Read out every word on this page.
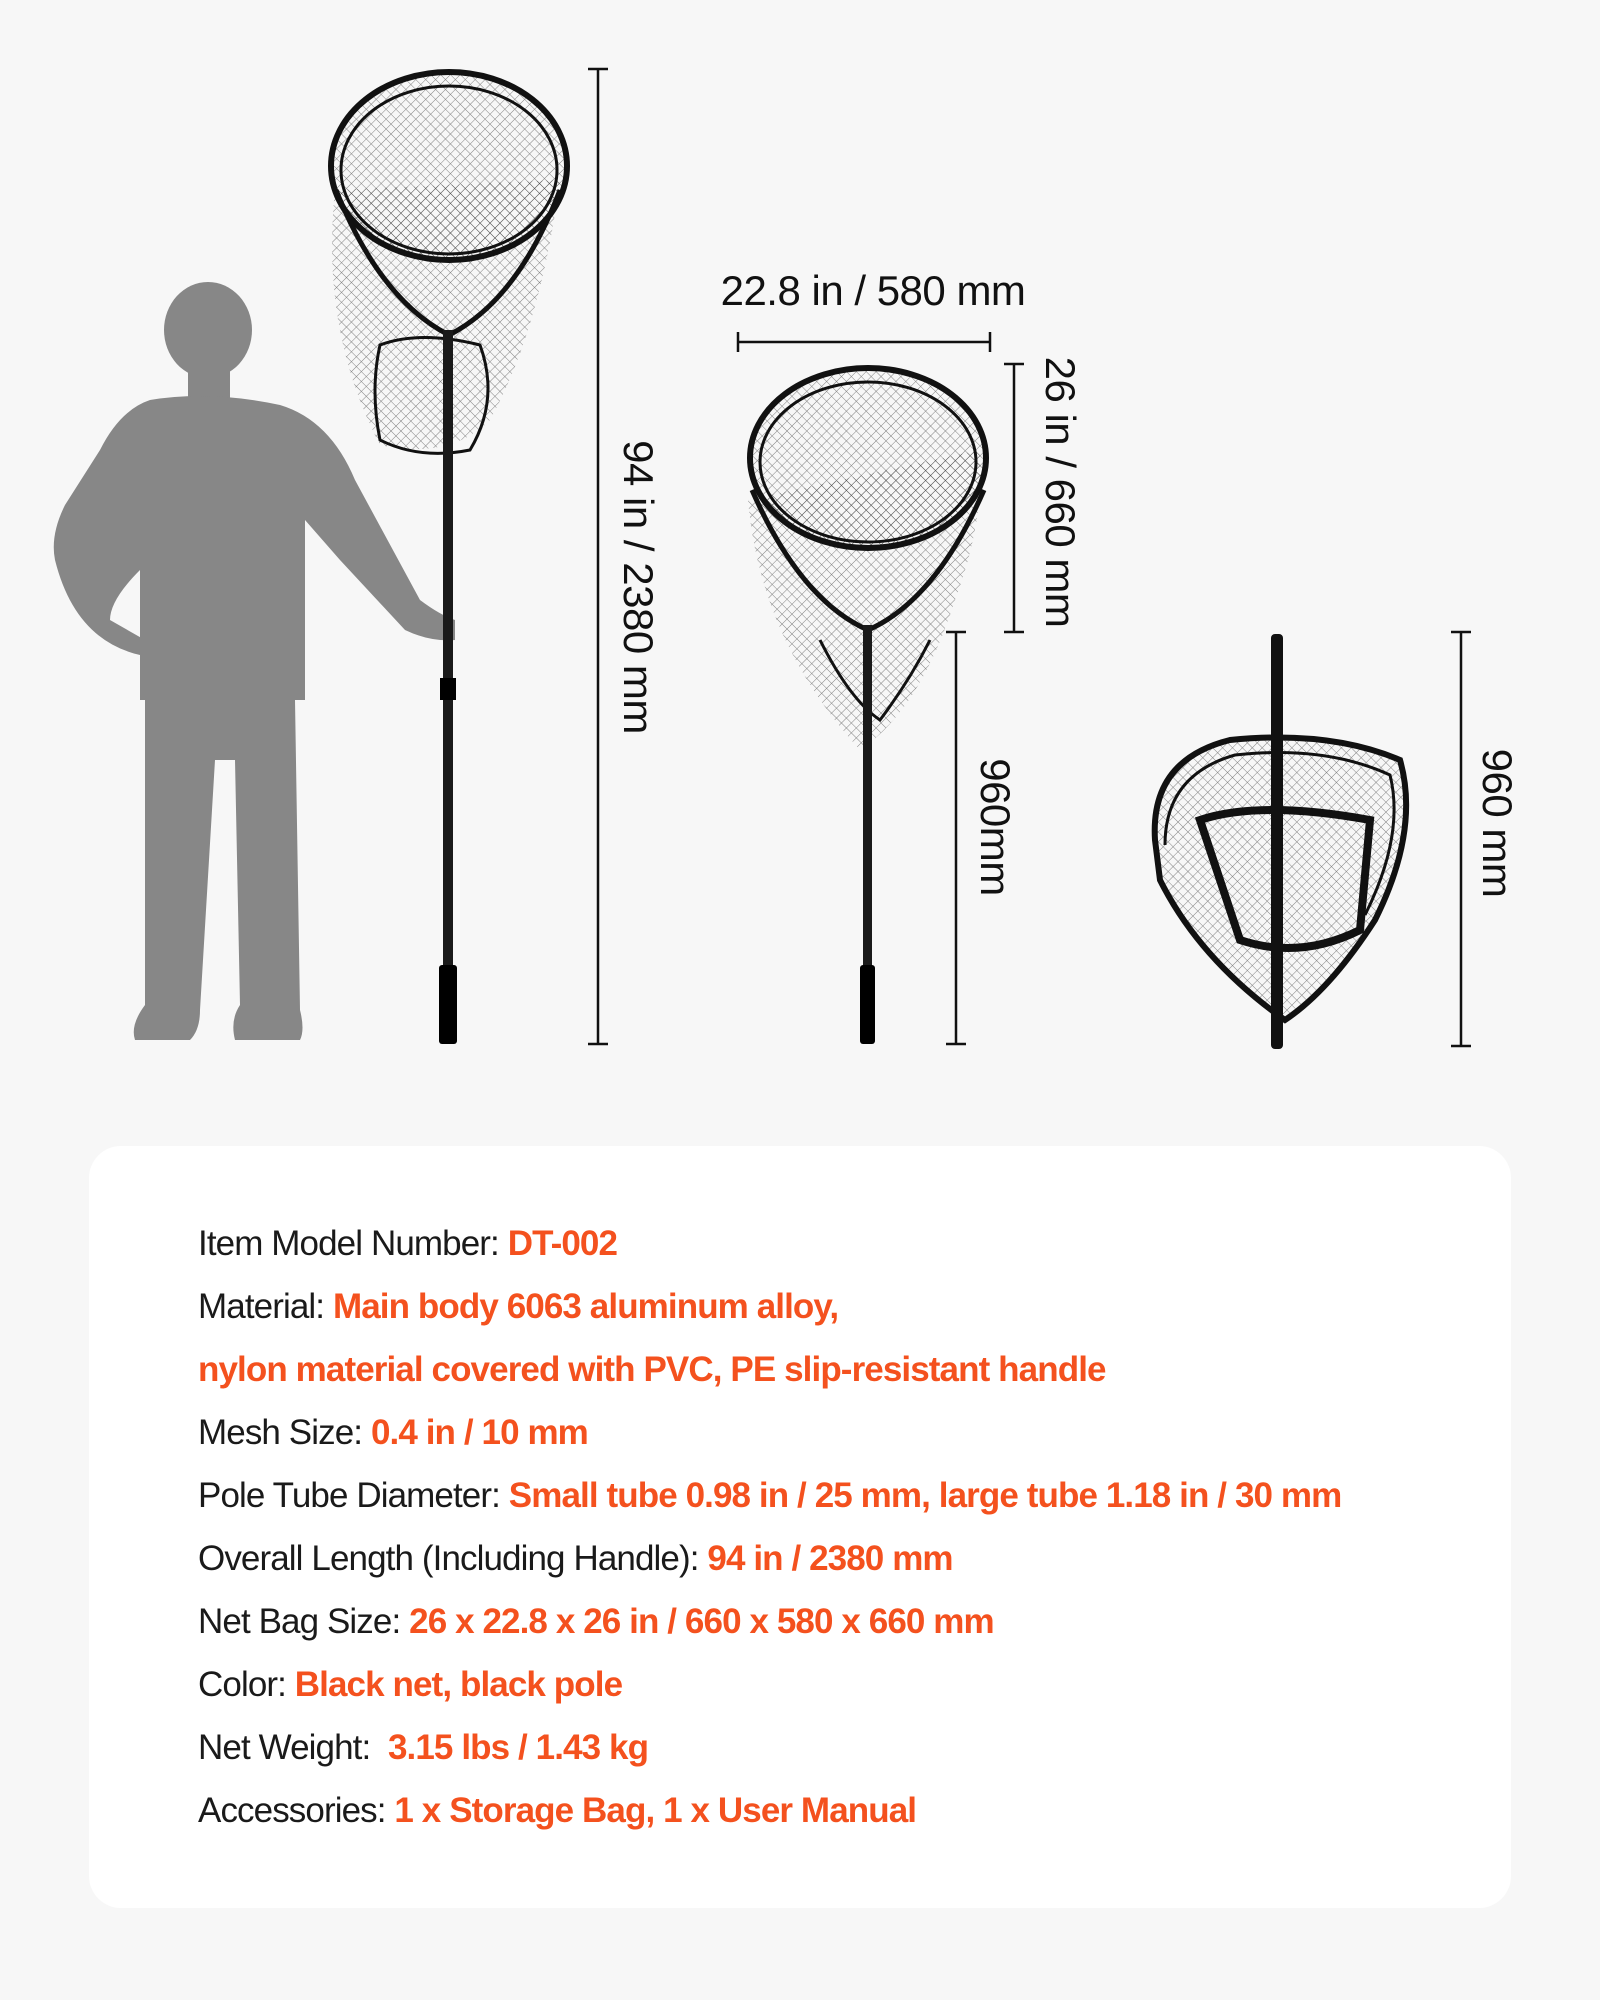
94 in / 2380 mm
22.8 in / 580 mm
26 in / 660 mm
960mm	960 mm
Item Model Number: DT-002
Material: Main body 6063 aluminum alloy,
nylon material covered with PVC, PE slip-resistant handle
Mesh Size: 0.4 in / 10 mm
Pole Tube Diameter: Small tube 0.98 in / 25 mm, large tube 1.18 in / 30 mm
Overall Length (Including Handle): 94 in / 2380 mm
Net Bag Size: 26 x 22.8 x 26 in / 660 x 580 x 660 mm
Color: Black net, black pole
Net Weight:  3.15 lbs / 1.43 kg
Accessories: 1 x Storage Bag, 1 x User Manual
